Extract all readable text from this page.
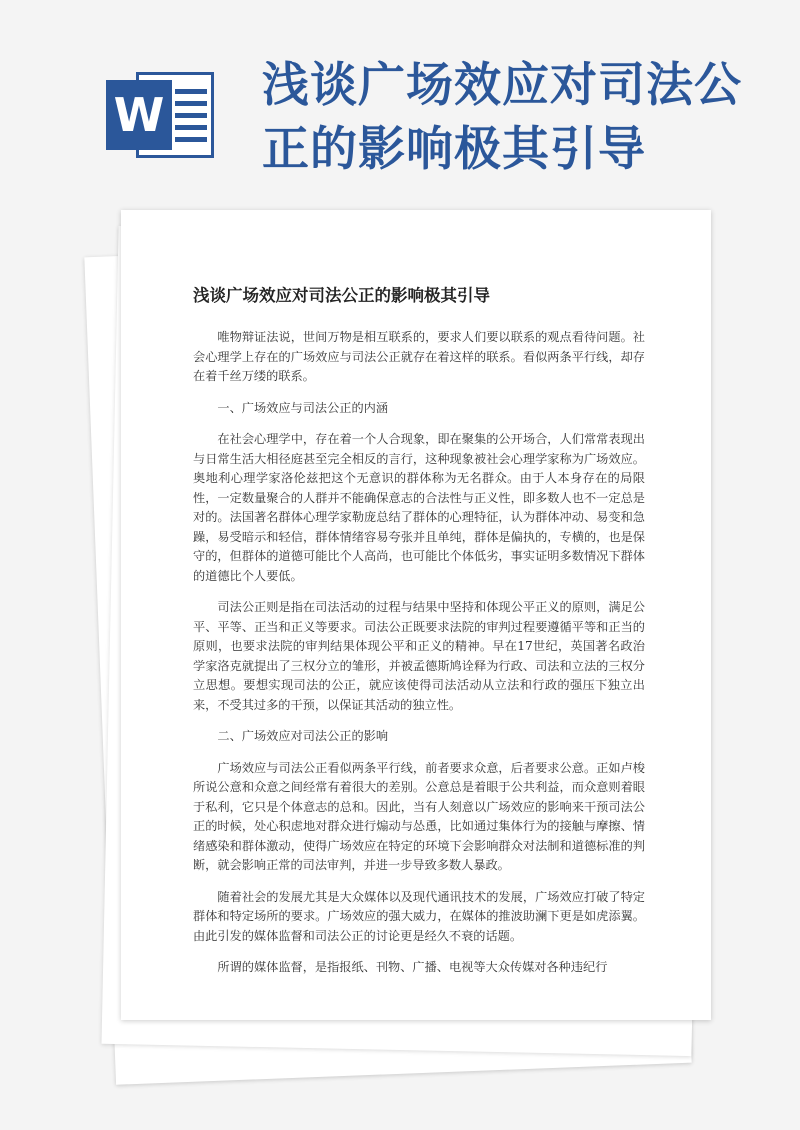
W
浅谈广场效应对司法公正的影响极其引导
浅谈广场效应对司法公正的影响极其引导

唯物辩证法说，世间万物是相互联系的，要求人们要以联系的观点看待问题。社会心理学上存在的广场效应与司法公正就存在着这样的联系。看似两条平行线，却存在着千丝万缕的联系。

一、广场效应与司法公正的内涵

在社会心理学中，存在着一个人合现象，即在聚集的公开场合，人们常常表现出与日常生活大相径庭甚至完全相反的言行，这种现象被社会心理学家称为广场效应。奥地利心理学家洛伦兹把这个无意识的群体称为无名群众。由于人本身存在的局限性，一定数量聚合的人群并不能确保意志的合法性与正义性，即多数人也不一定总是对的。法国著名群体心理学家勒庞总结了群体的心理特征，认为群体冲动、易变和急躁，易受暗示和轻信，群体情绪容易夸张并且单纯，群体是偏执的，专横的，也是保守的，但群体的道德可能比个人高尚，也可能比个体低劣，事实证明多数情况下群体的道德比个人要低。

司法公正则是指在司法活动的过程与结果中坚持和体现公平正义的原则，满足公平、平等、正当和正义等要求。司法公正既要求法院的审判过程要遵循平等和正当的原则，也要求法院的审判结果体现公平和正义的精神。早在17世纪，英国著名政治学家洛克就提出了三权分立的雏形，并被孟德斯鸠诠释为行政、司法和立法的三权分立思想。要想实现司法的公正，就应该使得司法活动从立法和行政的强压下独立出来，不受其过多的干预，以保证其活动的独立性。

二、广场效应对司法公正的影响

广场效应与司法公正看似两条平行线，前者要求众意，后者要求公意。正如卢梭所说公意和众意之间经常有着很大的差别。公意总是着眼于公共利益，而众意则着眼于私利，它只是个体意志的总和。因此，当有人刻意以广场效应的影响来干预司法公正的时候，处心积虑地对群众进行煽动与怂恿，比如通过集体行为的接触与摩擦、情绪感染和群体激动，使得广场效应在特定的环境下会影响群众对法制和道德标准的判断，就会影响正常的司法审判，并进一步导致多数人暴政。

随着社会的发展尤其是大众媒体以及现代通讯技术的发展，广场效应打破了特定群体和特定场所的要求。广场效应的强大威力，在媒体的推波助澜下更是如虎添翼。由此引发的媒体监督和司法公正的讨论更是经久不衰的话题。

所谓的媒体监督，是指报纸、刊物、广播、电视等大众传媒对各种违纪行
